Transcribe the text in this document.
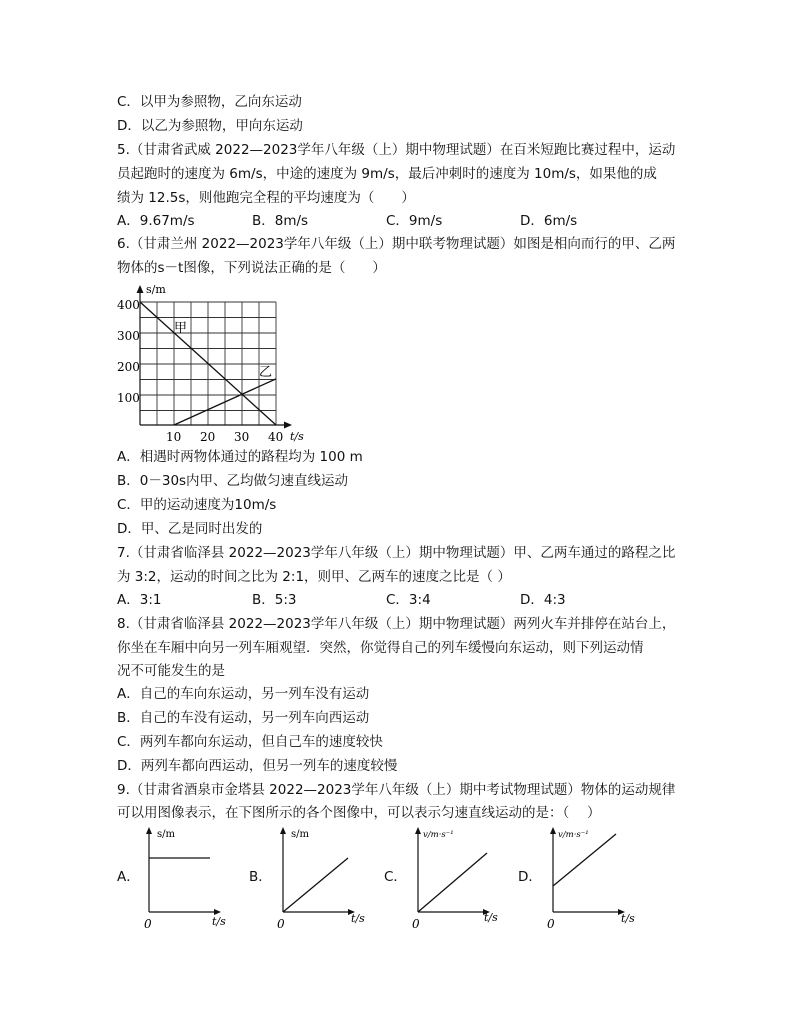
C．以甲为参照物，乙向东运动
D．以乙为参照物，甲向东运动
5.（甘肃省武威 2022—2023学年八年级（上）期中物理试题）在百米短跑比赛过程中，运动
员起跑时的速度为 6m/s，中途的速度为 9m/s，最后冲刺时的速度为 10m/s，如果他的成
绩为 12.5s，则他跑完全程的平均速度为（　　）
A．9.67m/s	B．8m/s	C．9m/s	D．6m/s
6.（甘肃兰州 2022—2023学年八年级（上）期中联考物理试题）如图是相向而行的甲、乙两
物体的s－t图像，下列说法正确的是（　　）
s/m
t/s
400
300
200
100
10 20 30 40
甲
乙
A．相遇时两物体通过的路程均为 100 m
B．0－30s内甲、乙均做匀速直线运动
C．甲的运动速度为10m/s
D．甲、乙是同时出发的
7.（甘肃省临泽县 2022—2023学年八年级（上）期中物理试题）甲、乙两车通过的路程之比
为 3:2，运动的时间之比为 2:1，则甲、乙两车的速度之比是（ ）
A．3:1	B．5:3	C．3:4	D．4:3
8.（甘肃省临泽县 2022—2023学年八年级（上）期中物理试题）两列火车并排停在站台上，
你坐在车厢中向另一列车厢观望．突然，你觉得自己的列车缓慢向东运动，则下列运动情
况不可能发生的是
A．自己的车向东运动，另一列车没有运动
B．自己的车没有运动，另一列车向西运动
C．两列车都向东运动，但自己车的速度较快
D．两列车都向西运动，但另一列车的速度较慢
9.（甘肃省酒泉市金塔县 2022—2023学年八年级（上）期中考试物理试题）物体的运动规律
可以用图像表示，在下图所示的各个图像中，可以表示匀速直线运动的是：（　 ）
A．
s/m
t/s
0
B．
s/m
t/s
0
C．
v/m·s⁻¹
t/s
0
D．
v/m·s⁻¹
t/s
0
